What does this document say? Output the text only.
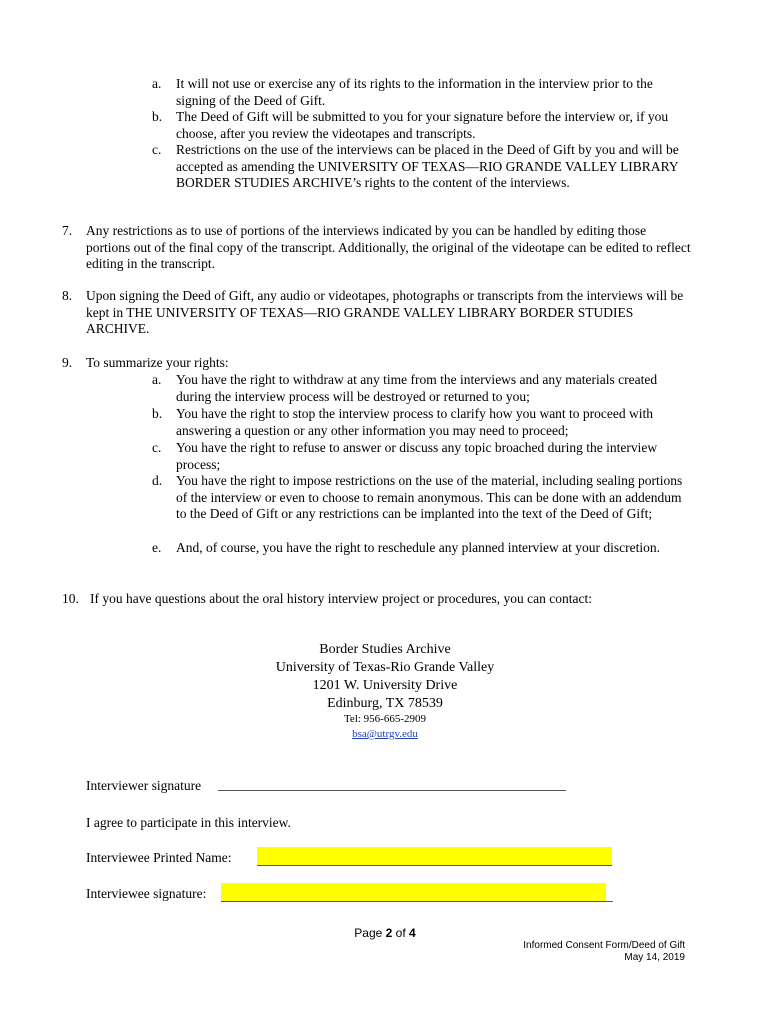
a.	It will not use or exercise any of its rights to the information in the interview prior to the signing of the Deed of Gift.
b.	The Deed of Gift will be submitted to you for your signature before the interview or, if you choose, after you review the videotapes and transcripts.
c.	Restrictions on the use of the interviews can be placed in the Deed of Gift by you and will be accepted as amending the UNIVERSITY OF TEXAS—RIO GRANDE VALLEY LIBRARY BORDER STUDIES ARCHIVE’s rights to the content of the interviews.
7.	Any restrictions as to use of portions of the interviews indicated by you can be handled by editing those portions out of the final copy of the transcript. Additionally, the original of the videotape can be edited to reflect editing in the transcript.
8.	Upon signing the Deed of Gift, any audio or videotapes, photographs or transcripts from the interviews will be kept in THE UNIVERSITY OF TEXAS—RIO GRANDE VALLEY LIBRARY BORDER STUDIES ARCHIVE.
9.	To summarize your rights:
a.	You have the right to withdraw at any time from the interviews and any materials created during the interview process will be destroyed or returned to you;
b.	You have the right to stop the interview process to clarify how you want to proceed with answering a question or any other information you may need to proceed;
c.	You have the right to refuse to answer or discuss any topic broached during the interview process;
d.	You have the right to impose restrictions on the use of the material, including sealing portions of the interview or even to choose to remain anonymous. This can be done with an addendum to the Deed of Gift or any restrictions can be implanted into the text of the Deed of Gift;
e.	And, of course, you have the right to reschedule any planned interview at your discretion.
10. If you have questions about the oral history interview project or procedures, you can contact:
Border Studies Archive
University of Texas-Rio Grande Valley
1201 W. University Drive
Edinburg, TX 78539
Tel: 956-665-2909
bsa@utrgv.edu
Interviewer signature
I agree to participate in this interview.
Interviewee Printed Name:
Interviewee signature:
Page 2 of 4
Informed Consent Form/Deed of Gift
May 14, 2019
